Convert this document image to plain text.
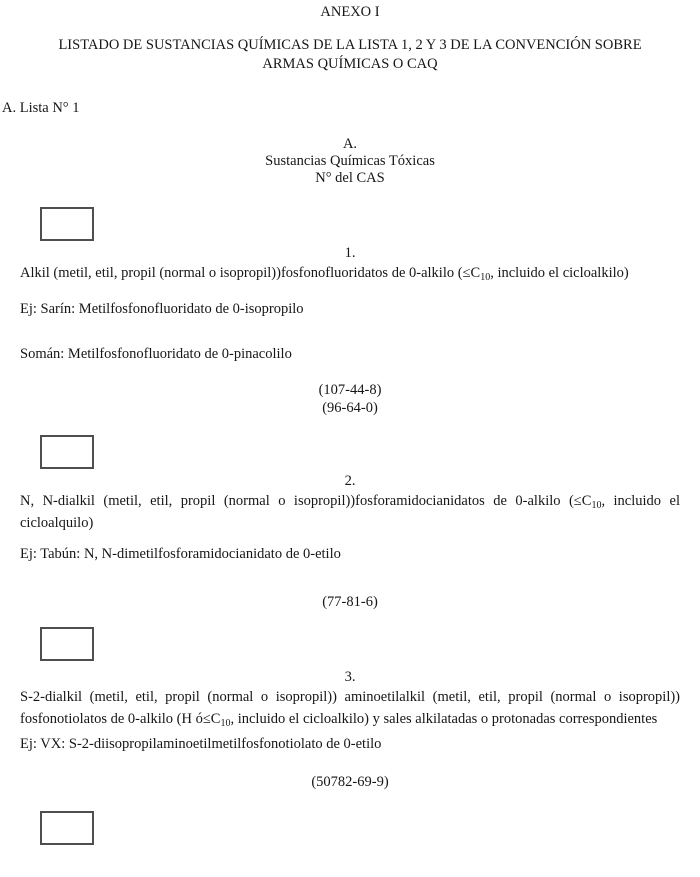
ANEXO I
LISTADO DE SUSTANCIAS QUÍMICAS DE LA LISTA 1, 2 Y 3 DE LA CONVENCIÓN SOBRE
ARMAS QUÍMICAS O CAQ
A. Lista N° 1
A.
Sustancias Químicas Tóxicas
N° del CAS
1.
Alkil (metil, etil, propil (normal o isopropil))fosfonofluoridatos de 0-alkilo ($\le C_{10}$, incluido el cicloalkilo)
Ej: Sarín: Metilfosfonofluoridato de 0-isopropilo
Somán: Metilfosfonofluoridato de 0-pinacolilo
(107-44-8)
(96-64-0)
2.
N, N-dialkil (metil, etil, propil (normal o isopropil))fosforamidocianidatos de 0-alkilo ($\le C_{10}$, incluido el cicloalquilo)
Ej: Tabún: N, N-dimetilfosforamidocianidato de 0-etilo
(77-81-6)
3.
S-2-dialkil (metil, etil, propil (normal o isopropil)) aminoetilalkil (metil, etil, propil (normal o isopropil)) fosfonotiolatos de 0-alkilo (H $ó\le C_{10}$, incluido el cicloalkilo) y sales alkilatadas o protonadas correspondientes
Ej: VX: S-2-diisopropilaminoetilmetilfosfonotiolato de 0-etilo
(50782-69-9)
